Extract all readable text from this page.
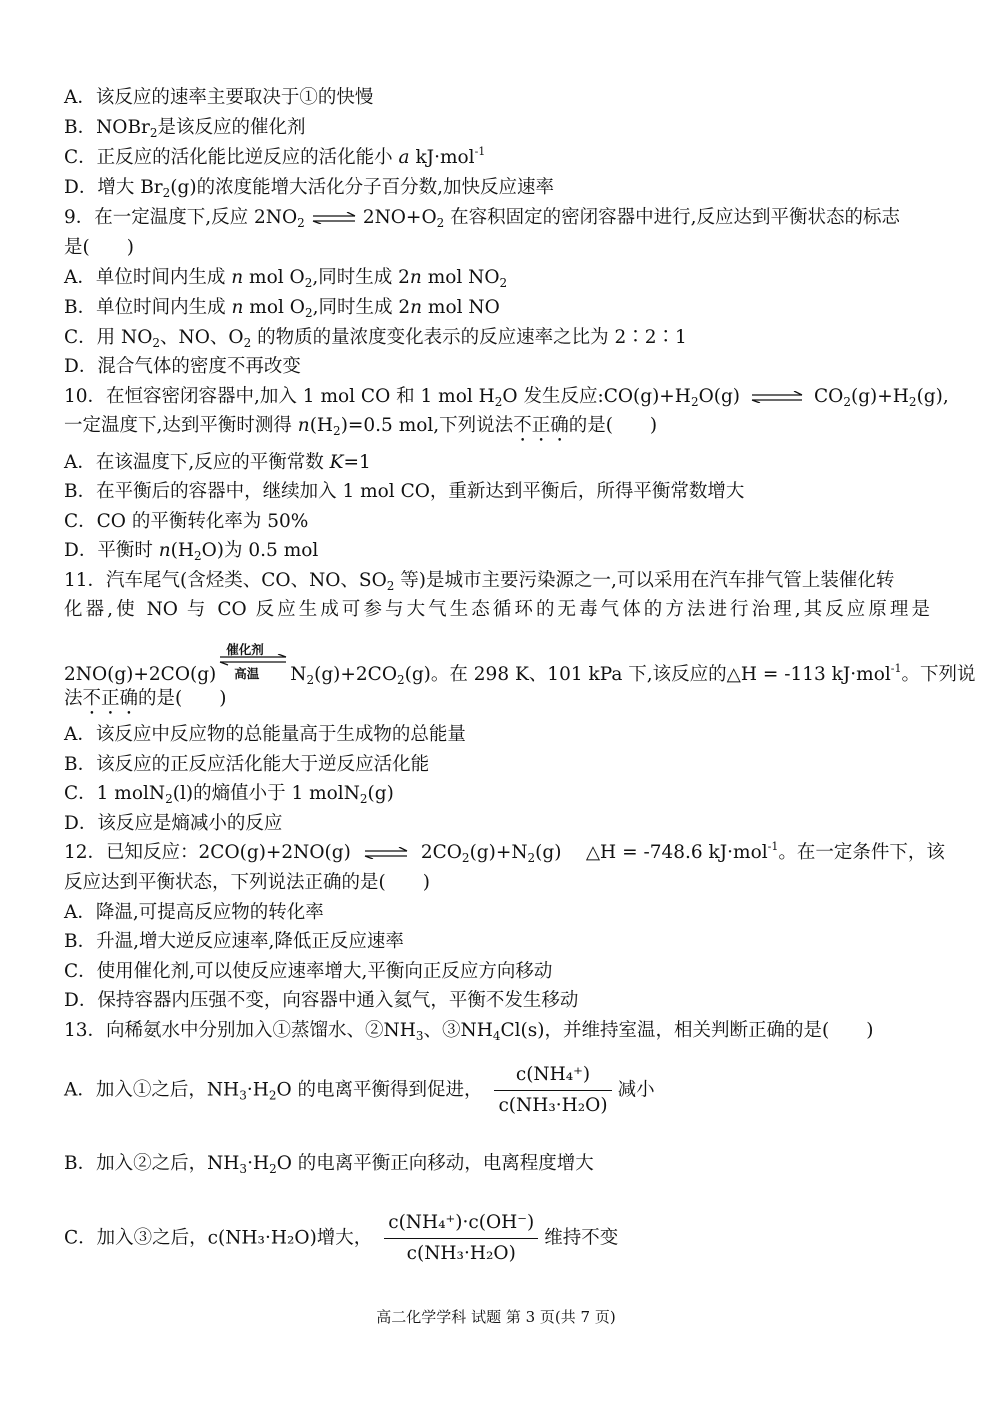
A．该反应的速率主要取决于①的快慢
B．NOBr$_2$是该反应的催化剂
C．正反应的活化能比逆反应的活化能小 a kJ·mol$^{-1}$
D．增大 $Br_2(g)$的浓度能增大活化分子百分数,加快反应速率
9．在一定温度下,反应 $2NO_2$ ⇌ $2NO+O_2$ 在容积固定的密闭容器中进行,反应达到平衡状态的标志
是(　　)
A．单位时间内生成 n mol $O_2$,同时生成 2n mol $NO_2$
B．单位时间内生成 n mol $O_2$,同时生成 2n mol NO
C．用 $NO_2$、NO、$O_2$ 的物质的量浓度变化表示的反应速率之比为 2∶2∶1
D．混合气体的密度不再改变
10．在恒容密闭容器中,加入 1 mol CO 和 1 mol $H_2O$ 发生反应$:CO(g)+H_2O(g)$ ⇌ $CO_2(g)+H_2(g)$,
一定温度下,达到平衡时测得 $n(H_2)=0.5$ mol,下列说法不正确的是(　　)
A．在该温度下,反应的平衡常数 K=1
B．在平衡后的容器中，继续加入 1 mol CO，重新达到平衡后，所得平衡常数增大
C．CO 的平衡转化率为 50%
D．平衡时 $n(H_2O)$为 0.5 mol
11．汽车尾气(含烃类、CO、NO、$SO_2$ 等)是城市主要污染源之一,可以采用在汽车排气管上装催化转
化器,使 NO 与 CO 反应生成可参与大气生态循环的无毒气体的方法进行治理,其反应原理是
2NO(g)+2CO(g)
催化剂
高温 $N_2(g)+2CO_2(g)$。在 298 K、101 kPa 下,该反应的△H = -113 kJ·mol$^{-1}$。下列说
法不正确的是(　　)
A．该反应中反应物的总能量高于生成物的总能量
B．该反应的正反应活化能大于逆反应活化能
C．1 molN$_2$(l)的熵值小于 1 molN$_2$(g)
D．该反应是熵减小的反应
12．已知反应：2CO(g)+2NO(g) ⇌ $2CO_2(g)+N_2(g)$　 △H = -748.6 kJ·mol$^{-1}$。在一定条件下，该
反应达到平衡状态，下列说法正确的是(　　)
A．降温,可提高反应物的转化率
B．升温,增大逆反应速率,降低正反应速率
C．使用催化剂,可以使反应速率增大,平衡向正反应方向移动
D．保持容器内压强不变，向容器中通入氦气，平衡不发生移动
13．向稀氨水中分别加入①蒸馏水、$②NH_3$、$③NH_4Cl(s)$，并维持室温，相关判断正确的是(　　)
A．加入①之后，$NH_3\cdot H_2O$ 的电离平衡得到促进， $\frac{\text{c(NH₄⁺)}}{\text{c(NH₃·H₂O)}}$ 减小
B．加入②之后，$NH_3\cdot H_2O$ 的电离平衡正向移动，电离程度增大
C．加入③之后，c(NH₃·H₂O)增大， $\frac{\text{c(NH₄⁺)·c(OH⁻)}}{\text{c(NH₃·H₂O)}}$ 维持不变
高二化学学科 试题 第 3 页(共 7 页)
